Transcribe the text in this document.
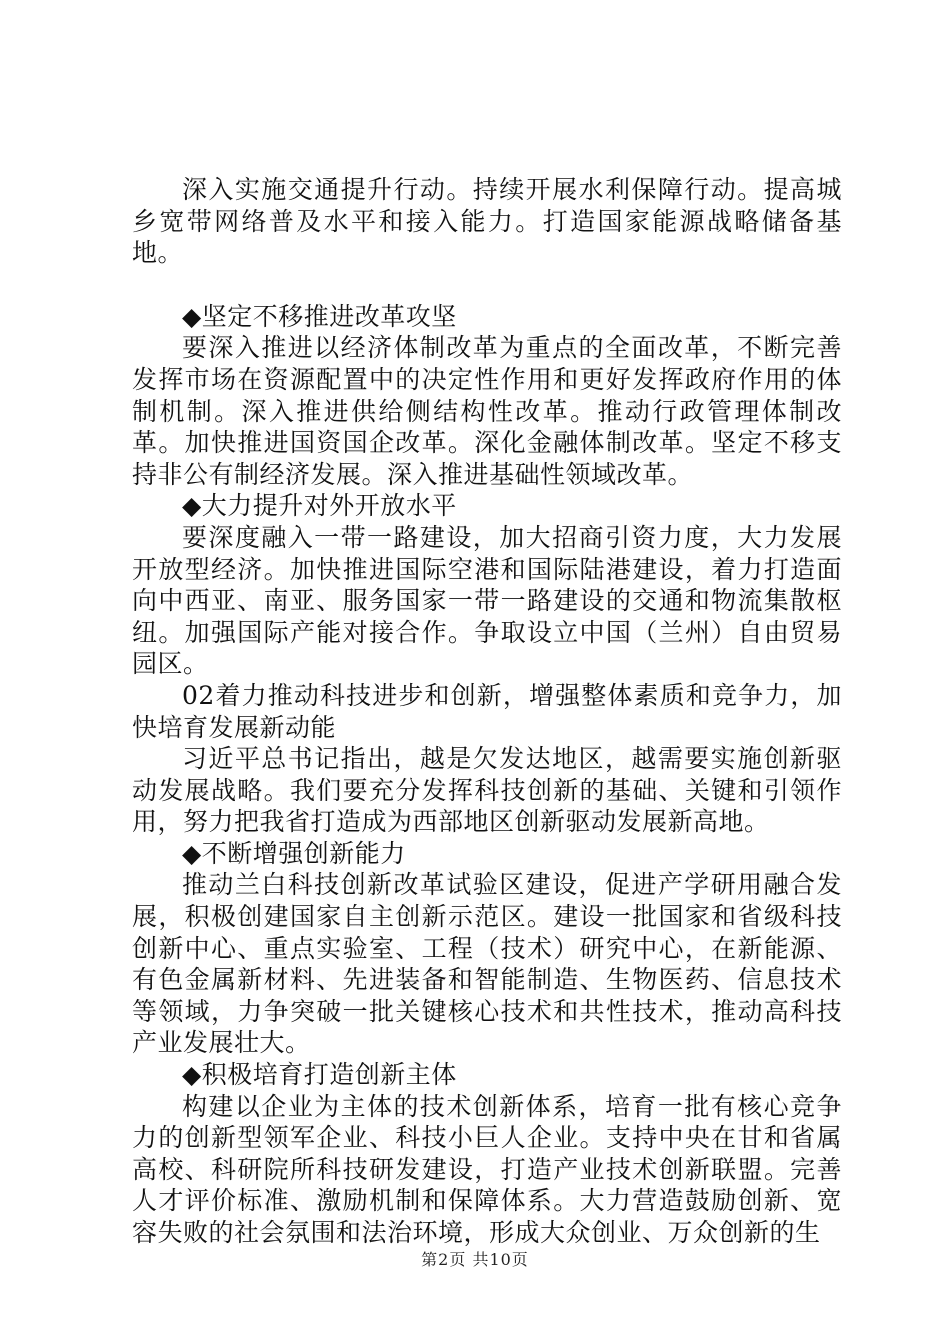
深入实施交通提升行动。持续开展水利保障行动。提高城乡宽带网络普及水平和接入能力。打造国家能源战略储备基地。

◆坚定不移推进改革攻坚

要深入推进以经济体制改革为重点的全面改革，不断完善发挥市场在资源配置中的决定性作用和更好发挥政府作用的体制机制。深入推进供给侧结构性改革。推动行政管理体制改革。加快推进国资国企改革。深化金融体制改革。坚定不移支持非公有制经济发展。深入推进基础性领域改革。

◆大力提升对外开放水平

要深度融入一带一路建设，加大招商引资力度，大力发展开放型经济。加快推进国际空港和国际陆港建设，着力打造面向中西亚、南亚、服务国家一带一路建设的交通和物流集散枢纽。加强国际产能对接合作。争取设立中国（兰州）自由贸易园区。

02着力推动科技进步和创新，增强整体素质和竞争力，加快培育发展新动能

习近平总书记指出，越是欠发达地区，越需要实施创新驱动发展战略。我们要充分发挥科技创新的基础、关键和引领作用，努力把我省打造成为西部地区创新驱动发展新高地。

◆不断增强创新能力

推动兰白科技创新改革试验区建设，促进产学研用融合发展，积极创建国家自主创新示范区。建设一批国家和省级科技创新中心、重点实验室、工程（技术）研究中心，在新能源、有色金属新材料、先进装备和智能制造、生物医药、信息技术等领域，力争突破一批关键核心技术和共性技术，推动高科技产业发展壮大。

◆积极培育打造创新主体

构建以企业为主体的技术创新体系，培育一批有核心竞争力的创新型领军企业、科技小巨人企业。支持中央在甘和省属高校、科研院所科技研发建设，打造产业技术创新联盟。完善人才评价标准、激励机制和保障体系。大力营造鼓励创新、宽容失败的社会氛围和法治环境，形成大众创业、万众创新的生

第2页 共10页
